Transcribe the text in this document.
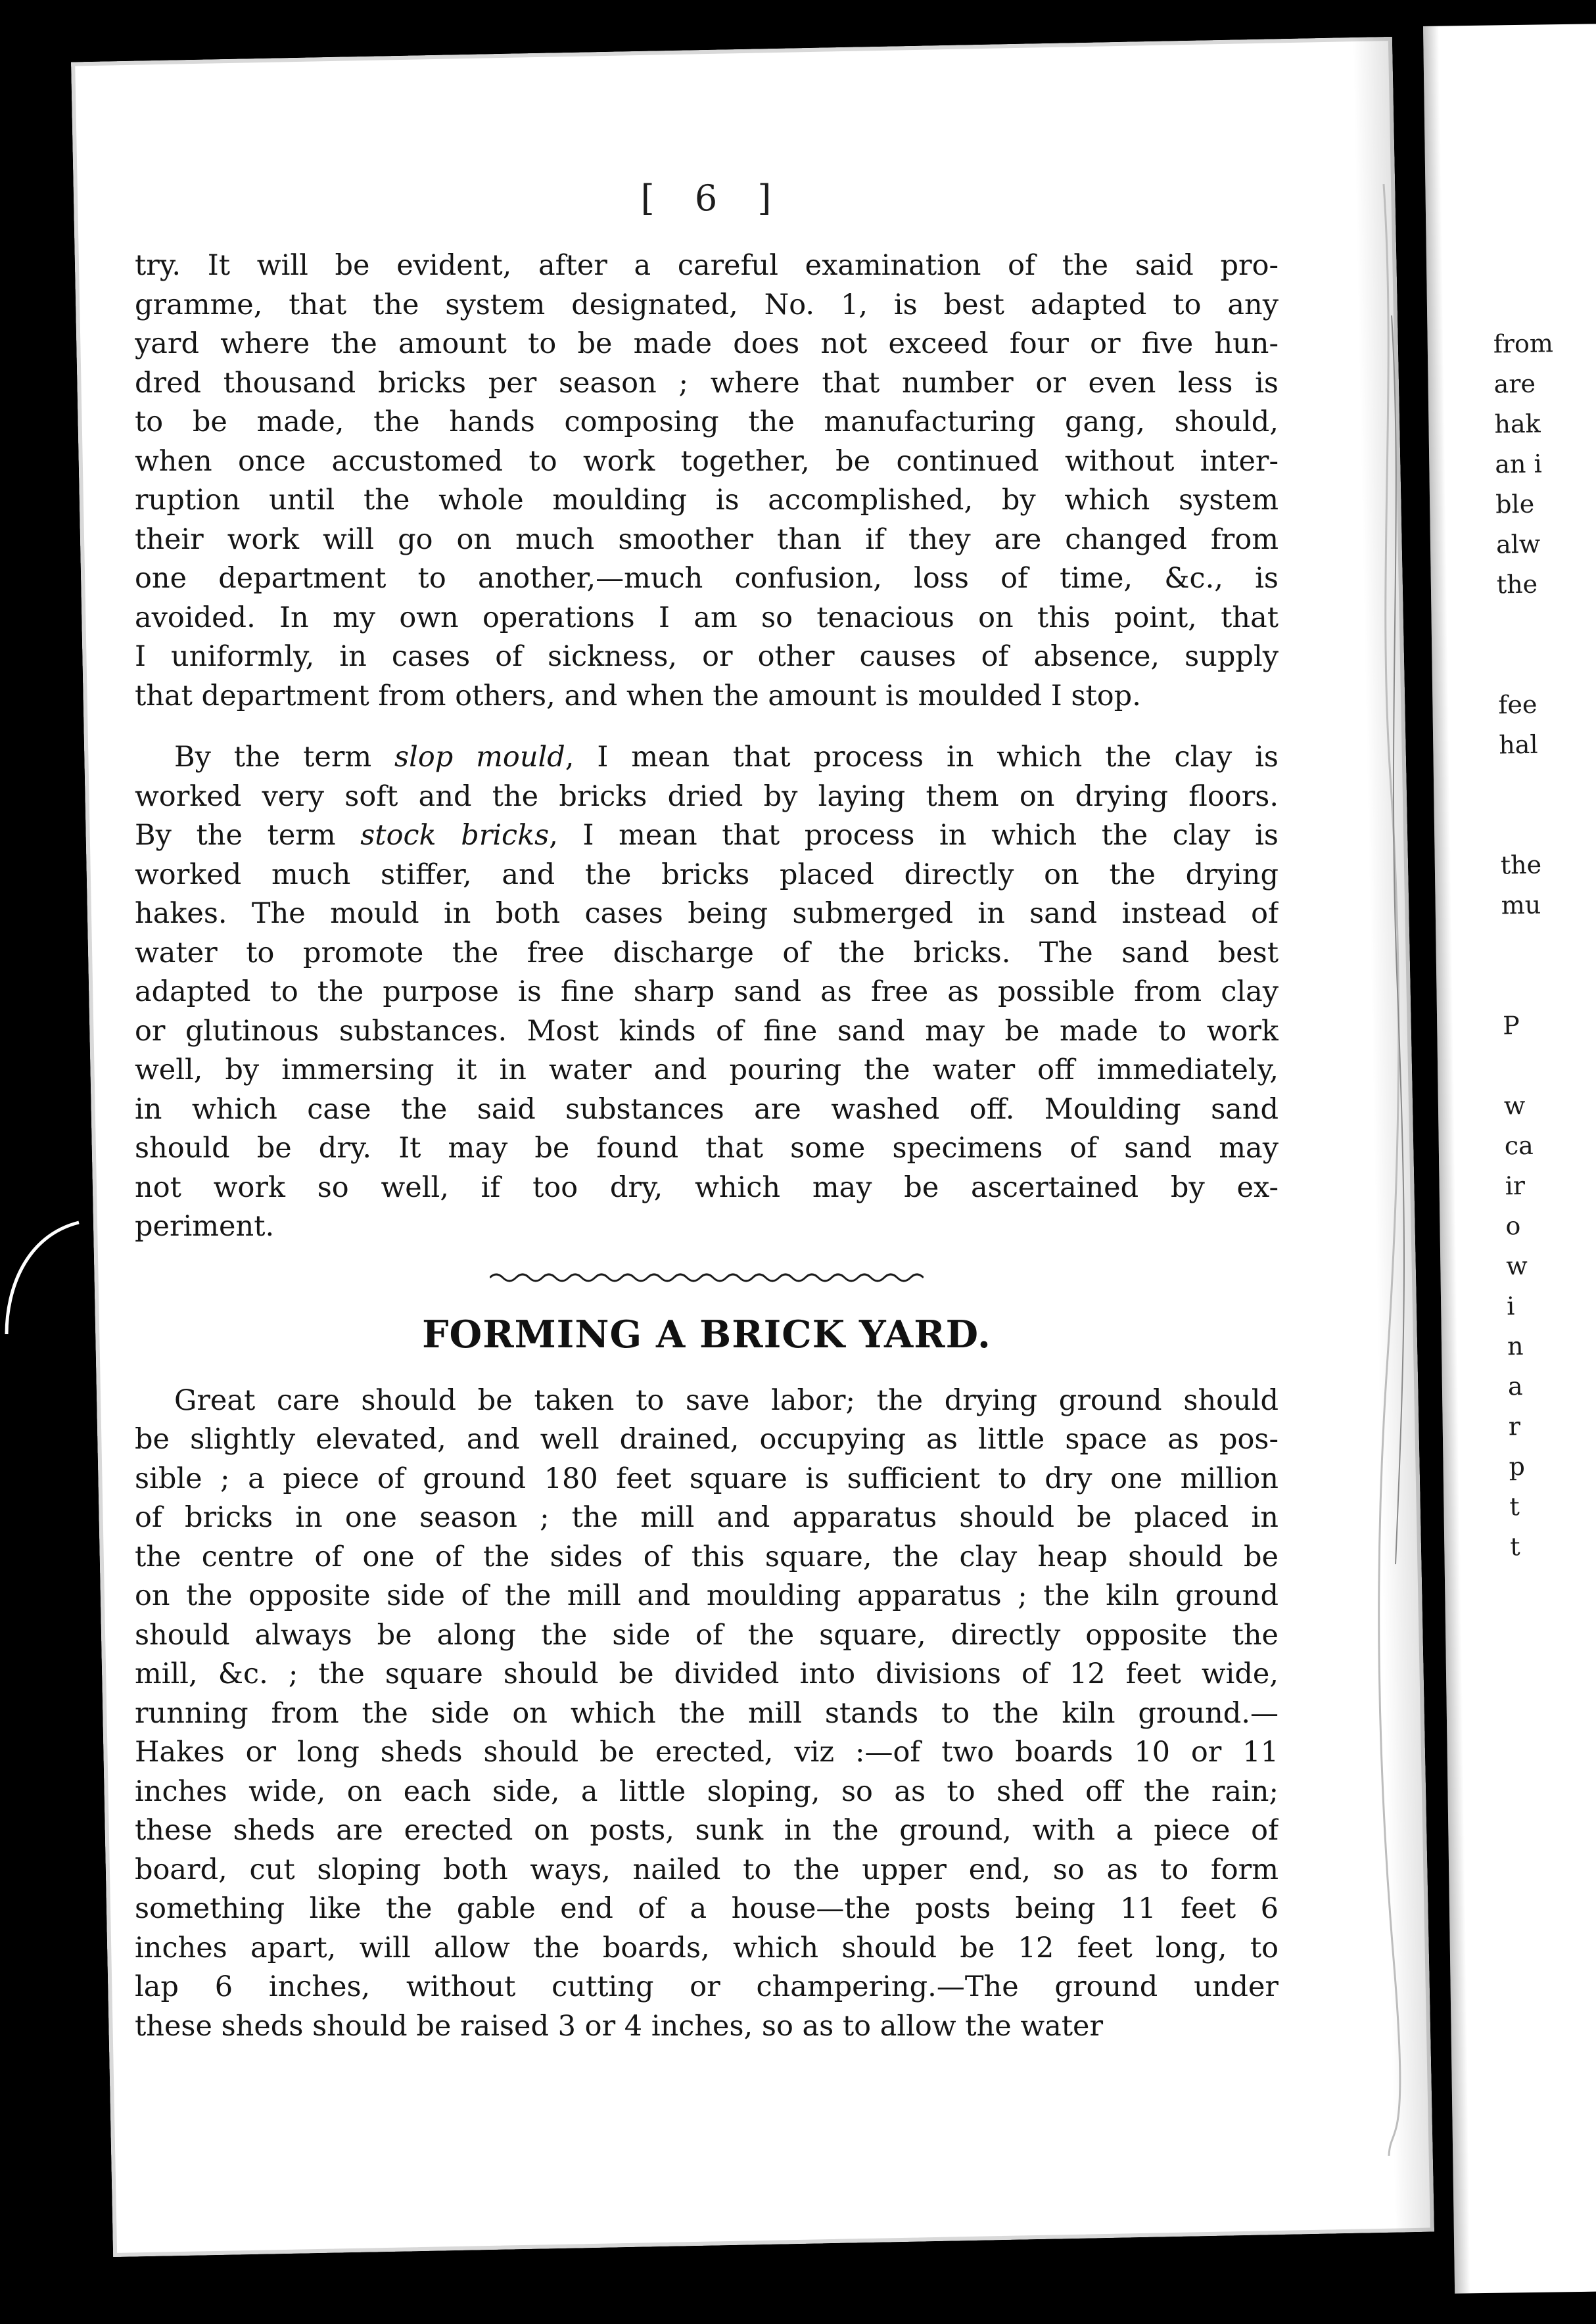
from
are
hak
an i
ble
alw
the
fee
hal
the
mu
P
w
ca
ir
o
w
i
n
a
r
p
t
t
[ 6 ]
try. It will be evident, after a careful examination of the said pro-
gramme, that the system designated, No. 1, is best adapted to any
yard where the amount to be made does not exceed four or five hun-
dred thousand bricks per season ; where that number or even less is
to be made, the hands composing the manufacturing gang, should,
when once accustomed to work together, be continued without inter-
ruption until the whole moulding is accomplished, by which system
their work will go on much smoother than if they are changed from
one department to another,—much confusion, loss of time, &c., is
avoided. In my own operations I am so tenacious on this point, that
I uniformly, in cases of sickness, or other causes of absence, supply
that department from others, and when the amount is moulded I stop.
By the term slop mould, I mean that process in which the clay is
worked very soft and the bricks dried by laying them on drying floors.
By the term stock bricks, I mean that process in which the clay is
worked much stiffer, and the bricks placed directly on the drying
hakes. The mould in both cases being submerged in sand instead of
water to promote the free discharge of the bricks. The sand best
adapted to the purpose is fine sharp sand as free as possible from clay
or glutinous substances. Most kinds of fine sand may be made to work
well, by immersing it in water and pouring the water off immediately,
in which case the said substances are washed off. Moulding sand
should be dry. It may be found that some specimens of sand may
not work so well, if too dry, which may be ascertained by ex-
periment.
FORMING A BRICK YARD.
Great care should be taken to save labor; the drying ground should
be slightly elevated, and well drained, occupying as little space as pos-
sible ; a piece of ground 180 feet square is sufficient to dry one million
of bricks in one season ; the mill and apparatus should be placed in
the centre of one of the sides of this square, the clay heap should be
on the opposite side of the mill and moulding apparatus ; the kiln ground
should always be along the side of the square, directly opposite the
mill, &c. ; the square should be divided into divisions of 12 feet wide,
running from the side on which the mill stands to the kiln ground.—
Hakes or long sheds should be erected, viz :—of two boards 10 or 11
inches wide, on each side, a little sloping, so as to shed off the rain;
these sheds are erected on posts, sunk in the ground, with a piece of
board, cut sloping both ways, nailed to the upper end, so as to form
something like the gable end of a house—the posts being 11 feet 6
inches apart, will allow the boards, which should be 12 feet long, to
lap 6 inches, without cutting or champering.—The ground under
these sheds should be raised 3 or 4 inches, so as to allow the water
